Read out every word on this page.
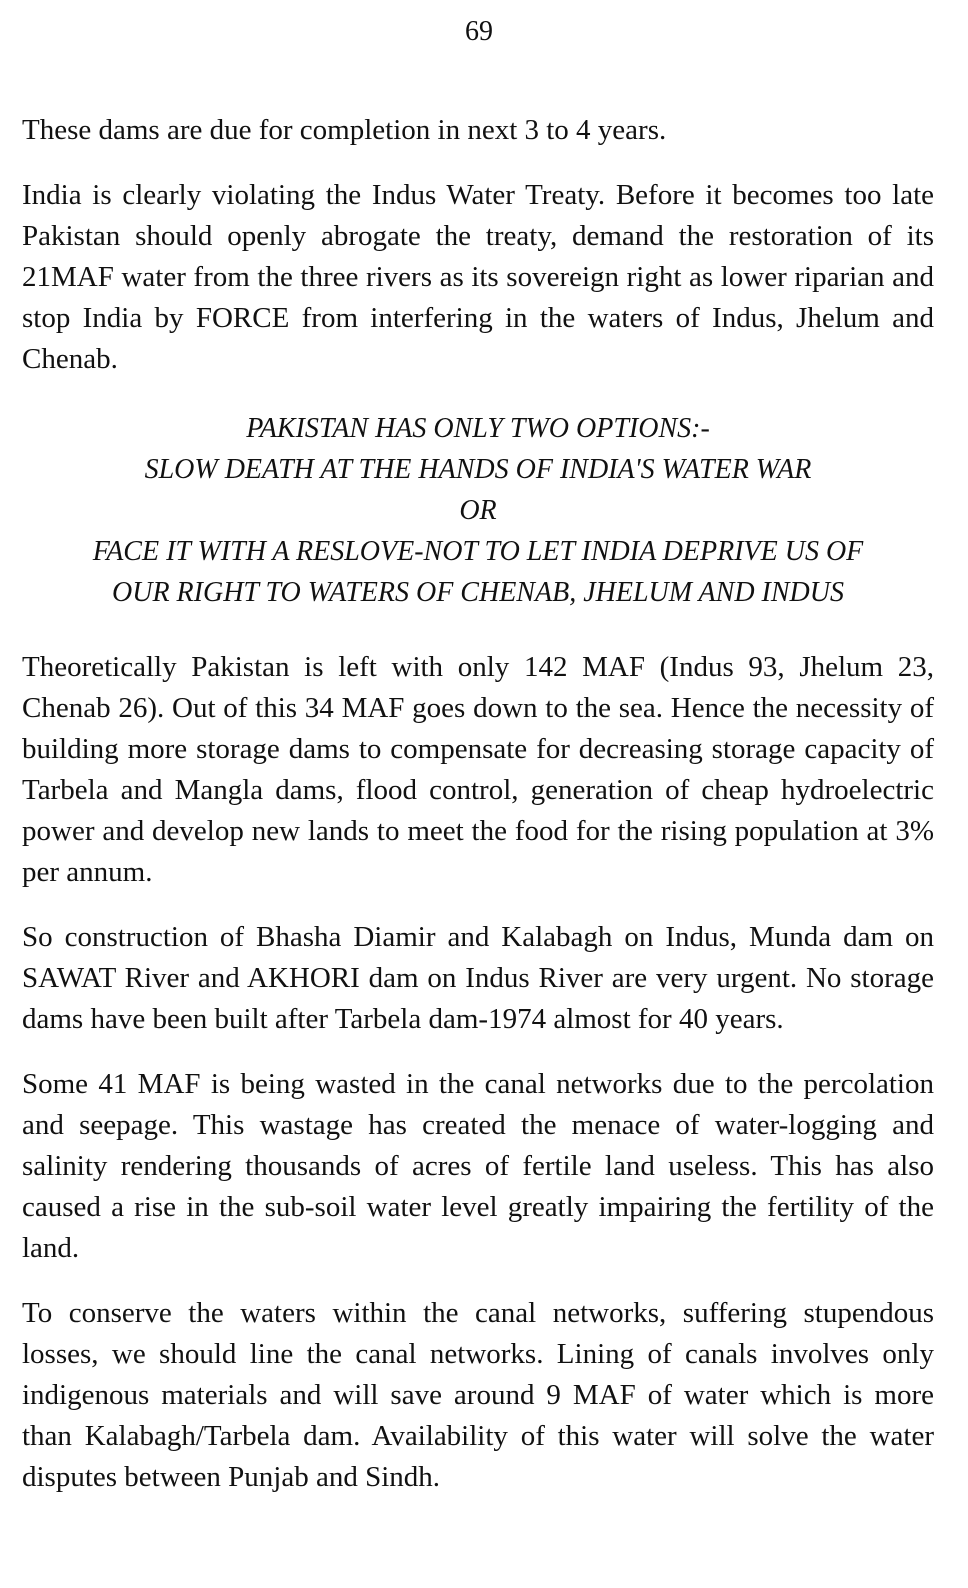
69

These dams are due for completion in next 3 to 4 years.

India is clearly violating the Indus Water Treaty. Before it becomes too late Pakistan should openly abrogate the treaty, demand the restoration of its 21MAF water from the three rivers as its sovereign right as lower riparian and stop India by FORCE from interfering in the waters of Indus, Jhelum and Chenab.

PAKISTAN HAS ONLY TWO OPTIONS:-
SLOW DEATH AT THE HANDS OF INDIA'S WATER WAR
OR
FACE IT WITH A RESLOVE-NOT TO LET INDIA DEPRIVE US OF
OUR RIGHT TO WATERS OF CHENAB, JHELUM AND INDUS

Theoretically Pakistan is left with only 142 MAF (Indus 93, Jhelum 23, Chenab 26). Out of this 34 MAF goes down to the sea. Hence the necessity of building more storage dams to compensate for decreasing storage capacity of Tarbela and Mangla dams, flood control, generation of cheap hydroelectric power and develop new lands to meet the food for the rising population at 3% per annum.

So construction of Bhasha Diamir and Kalabagh on Indus, Munda dam on SAWAT River and AKHORI dam on Indus River are very urgent. No storage dams have been built after Tarbela dam-1974 almost for 40 years.

Some 41 MAF is being wasted in the canal networks due to the percolation and seepage. This wastage has created the menace of water-logging and salinity rendering thousands of acres of fertile land useless. This has also caused a rise in the sub-soil water level greatly impairing the fertility of the land.

To conserve the waters within the canal networks, suffering stupendous losses, we should line the canal networks. Lining of canals involves only indigenous materials and will save around 9 MAF of water which is more than Kalabagh/Tarbela dam. Availability of this water will solve the water disputes between Punjab and Sindh.
